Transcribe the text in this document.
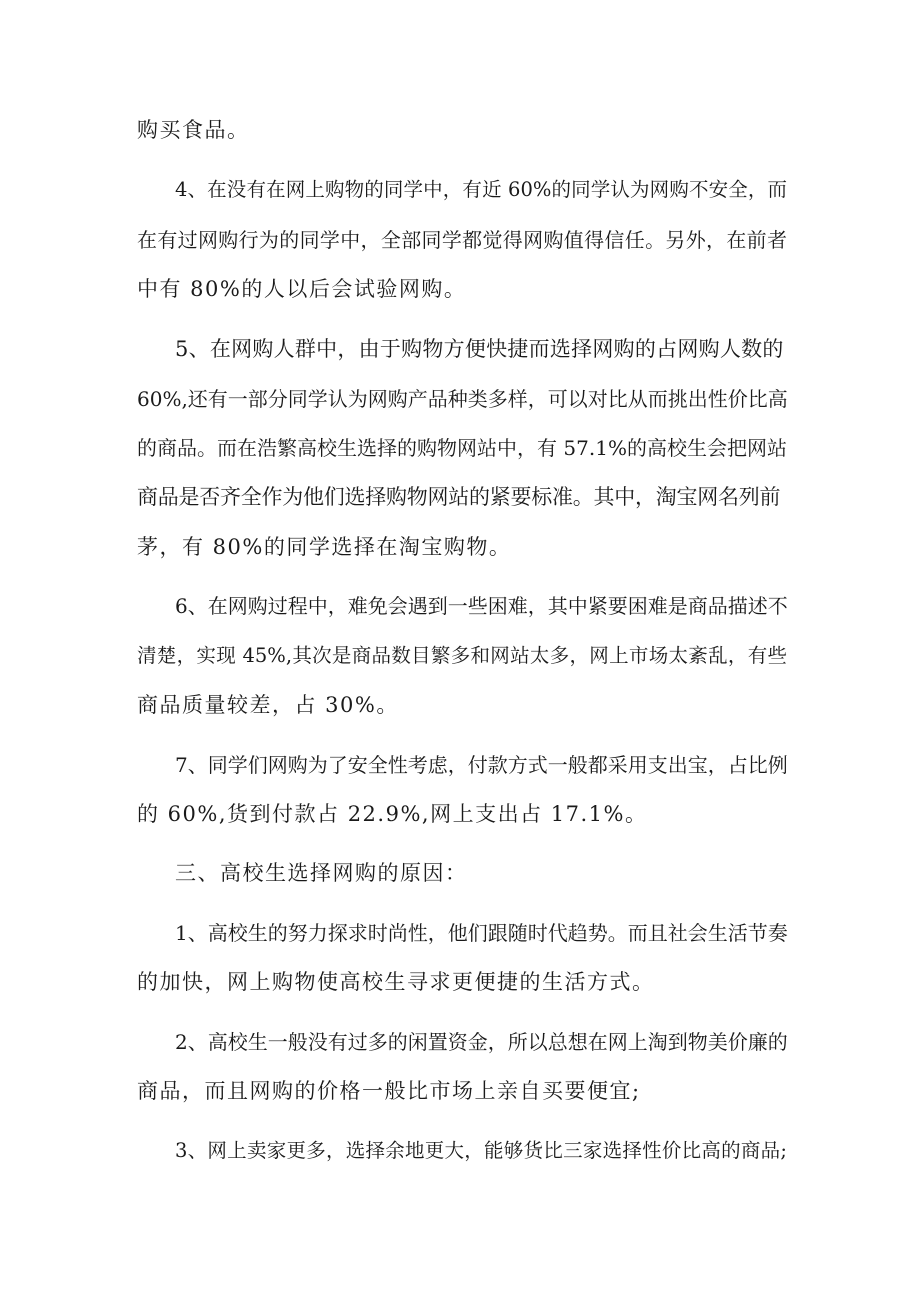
购买食品。

4、在没有在网上购物的同学中，有近 60%的同学认为网购不安全，而

在有过网购行为的同学中，全部同学都觉得网购值得信任。另外，在前者

中有 80%的人以后会试验网购。

5、在网购人群中，由于购物方便快捷而选择网购的占网购人数的

60%,还有一部分同学认为网购产品种类多样，可以对比从而挑出性价比高

的商品。而在浩繁高校生选择的购物网站中，有 57.1%的高校生会把网站

商品是否齐全作为他们选择购物网站的紧要标准。其中，淘宝网名列前

茅，有 80%的同学选择在淘宝购物。

6、在网购过程中，难免会遇到一些困难，其中紧要困难是商品描述不

清楚，实现 45%,其次是商品数目繁多和网站太多，网上市场太紊乱，有些

商品质量较差，占 30%。

7、同学们网购为了安全性考虑，付款方式一般都采用支出宝，占比例

的 60%,货到付款占 22.9%,网上支出占 17.1%。

三、高校生选择网购的原因：

1、高校生的努力探求时尚性，他们跟随时代趋势。而且社会生活节奏

的加快，网上购物使高校生寻求更便捷的生活方式。

2、高校生一般没有过多的闲置资金，所以总想在网上淘到物美价廉的

商品，而且网购的价格一般比市场上亲自买要便宜;

3、网上卖家更多，选择余地更大，能够货比三家选择性价比高的商品;
